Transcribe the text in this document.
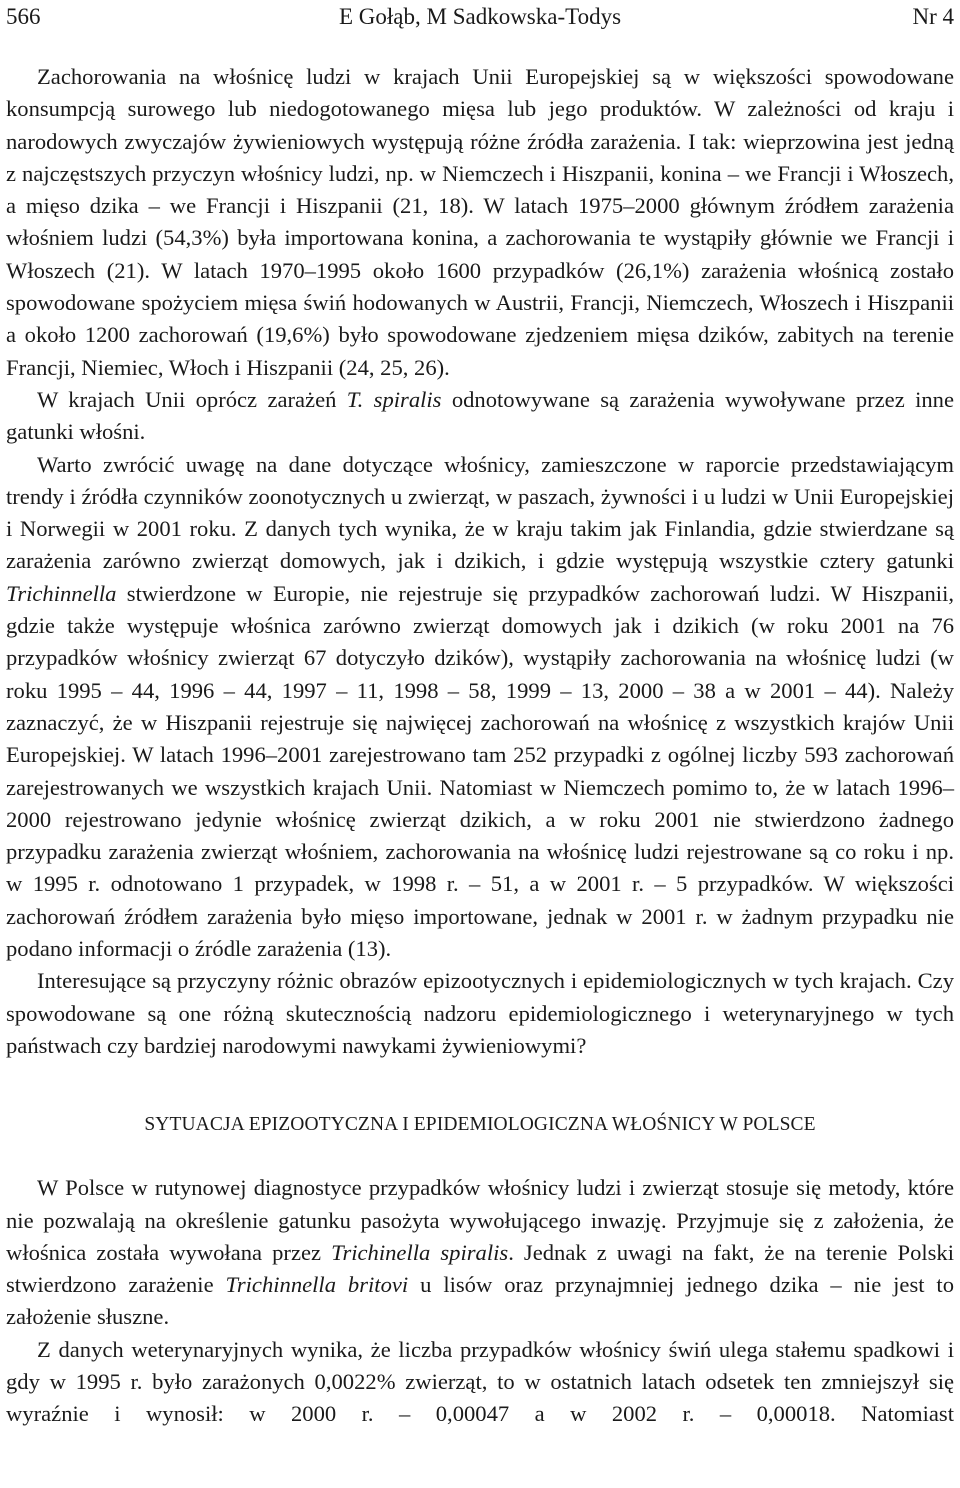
E Gołąb, M Sadkowska-Todys
566	Nr 4

Zachorowania na włośnicę ludzi w krajach Unii Europejskiej są w większości spowodowane konsumpcją surowego lub niedogotowanego mięsa lub jego produktów. W zależności od kraju i narodowych zwyczajów żywieniowych występują różne źródła zarażenia. I tak: wieprzowina jest jedną z najczęstszych przyczyn włośnicy ludzi, np. w Niemczech i Hiszpanii, konina – we Francji i Włoszech, a mięso dzika – we Francji i Hiszpanii (21, 18). W latach 1975–2000 głównym źródłem zarażenia włośniem ludzi (54,3%) była importowana konina, a zachorowania te wystąpiły głównie we Francji i Włoszech (21). W latach 1970–1995 około 1600 przypadków (26,1%) zarażenia włośnicą zostało spowodowane spożyciem mięsa świń hodowanych w Austrii, Francji, Niemczech, Włoszech i Hiszpanii a około 1200 zachorowań (19,6%) było spowodowane zjedzeniem mięsa dzików, zabitych na terenie Francji, Niemiec, Włoch i Hiszpanii (24, 25, 26).

W krajach Unii oprócz zarażeń T. spiralis odnotowywane są zarażenia wywoływane przez inne gatunki włośni.

Warto zwrócić uwagę na dane dotyczące włośnicy, zamieszczone w raporcie przedstawiającym trendy i źródła czynników zoonotycznych u zwierząt, w paszach, żywności i u ludzi w Unii Europejskiej i Norwegii w 2001 roku. Z danych tych wynika, że w kraju takim jak Finlandia, gdzie stwierdzane są zarażenia zarówno zwierząt domowych, jak i dzikich, i gdzie występują wszystkie cztery gatunki Trichinnella stwierdzone w Europie, nie rejestruje się przypadków zachorowań ludzi. W Hiszpanii, gdzie także występuje włośnica zarówno zwierząt domowych jak i dzikich (w roku 2001 na 76 przypadków włośnicy zwierząt 67 dotyczyło dzików), wystąpiły zachorowania na włośnicę ludzi (w roku 1995 – 44, 1996 – 44, 1997 – 11, 1998 – 58, 1999 – 13, 2000 – 38 a w 2001 – 44). Należy zaznaczyć, że w Hiszpanii rejestruje się najwięcej zachorowań na włośnicę z wszystkich krajów Unii Europejskiej. W latach 1996–2001 zarejestrowano tam 252 przypadki z ogólnej liczby 593 zachorowań zarejestrowanych we wszystkich krajach Unii. Natomiast w Niemczech pomimo to, że w latach 1996–2000 rejestrowano jedynie włośnicę zwierząt dzikich, a w roku 2001 nie stwierdzono żadnego przypadku zarażenia zwierząt włośniem, zachorowania na włośnicę ludzi rejestrowane są co roku i np. w 1995 r. odnotowano 1 przypadek, w 1998 r. – 51, a w 2001 r. – 5 przypadków. W większości zachorowań źródłem zarażenia było mięso importowane, jednak w 2001 r. w żadnym przypadku nie podano informacji o źródle zarażenia (13).

Interesujące są przyczyny różnic obrazów epizootycznych i epidemiologicznych w tych krajach. Czy spowodowane są one różną skutecznością nadzoru epidemiologicznego i weterynaryjnego w tych państwach czy bardziej narodowymi nawykami żywieniowymi?

SYTUACJA EPIZOOTYCZNA I EPIDEMIOLOGICZNA WŁOŚNICY W POLSCE

W Polsce w rutynowej diagnostyce przypadków włośnicy ludzi i zwierząt stosuje się metody, które nie pozwalają na określenie gatunku pasożyta wywołującego inwazję. Przyjmuje się z założenia, że włośnica została wywołana przez Trichinella spiralis. Jednak z uwagi na fakt, że na terenie Polski stwierdzono zarażenie Trichinnella britovi u lisów oraz przynajmniej jednego dzika – nie jest to założenie słuszne.

Z danych weterynaryjnych wynika, że liczba przypadków włośnicy świń ulega stałemu spadkowi i gdy w 1995 r. było zarażonych 0,0022% zwierząt, to w ostatnich latach odsetek ten zmniejszył się wyraźnie i wynosił: w 2000 r. – 0,00047 a w 2002 r. – 0,00018. Natomiast
